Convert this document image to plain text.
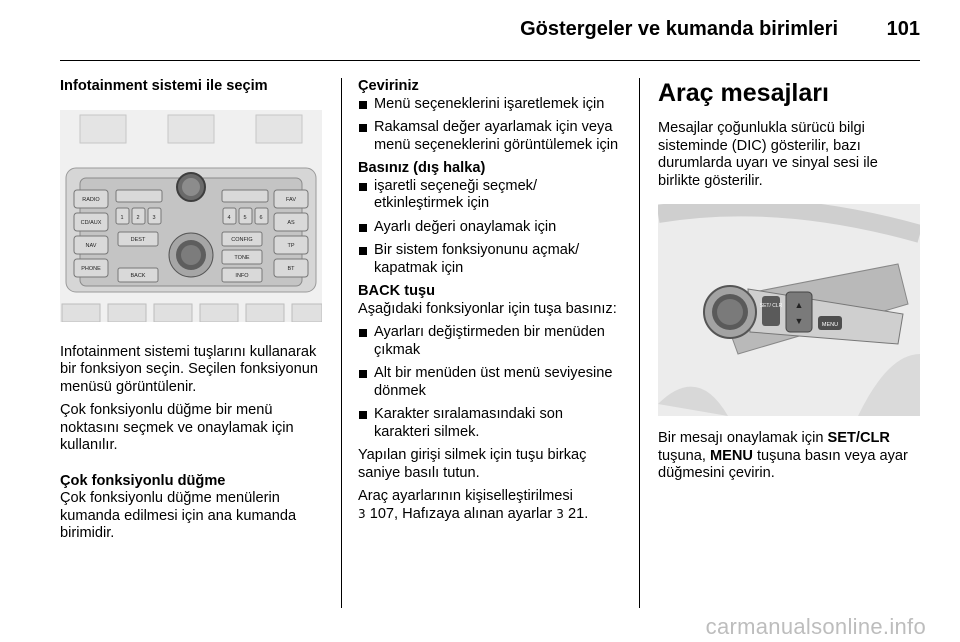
Göstergeler ve kumanda birimleri 101

Infotainment sistemi ile seçim

RADIO
CD/AUX
NAV
PHONE
FAV
AS
TP
DEST
BACK
CONFIG
TONE
INFO
BT
1 2 3	4 5 6

Infotainment sistemi tuşlarını kullanarak bir fonksiyon seçin. Seçilen fonksiyonun menüsü görüntülenir.

Çok fonksiyonlu düğme bir menü noktasını seçmek ve onaylamak için kullanılır.

Çok fonksiyonlu düğme

Çok fonksiyonlu düğme menülerin kumanda edilmesi için ana kumanda birimidir.

Çeviriniz

Menü seçeneklerini işaretlemek için
Rakamsal değer ayarlamak için veya menü seçeneklerini görüntülemek için

Basınız (dış halka)

işaretli seçeneği seçmek/ etkinleştirmek için
Ayarlı değeri onaylamak için
Bir sistem fonksiyonunu açmak/ kapatmak için

BACK tuşu

Aşağıdaki fonksiyonlar için tuşa basınız:

Ayarları değiştirmeden bir menüden çıkmak
Alt bir menüden üst menü seviyesine dönmek
Karakter sıralamasındaki son karakteri silmek.

Yapılan girişi silmek için tuşu birkaç saniye basılı tutun.

Araç ayarlarının kişiselleştirilmesi
3 107, Hafızaya alınan ayarlar 3 21.

Araç mesajları

Mesajlar çoğunlukla sürücü bilgi sisteminde (DIC) gösterilir, bazı durumlarda uyarı ve sinyal sesi ile birlikte gösterilir.

SET/ CLR ▲
▼	MENU

Bir mesajı onaylamak için SET/CLR tuşuna, MENU tuşuna basın veya ayar düğmesini çevirin.

carmanualsonline.info
